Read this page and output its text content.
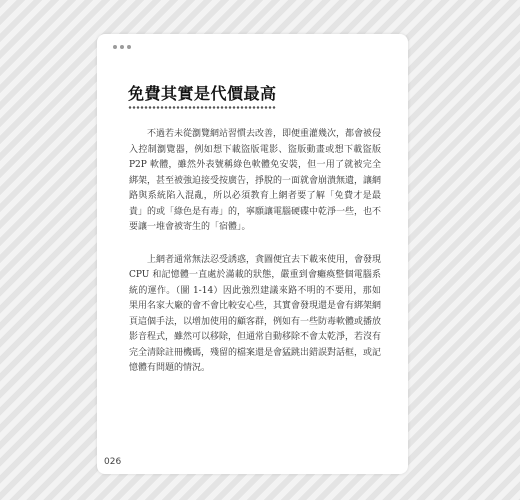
免費其實是代價最高

不過若未從瀏覽網站習慣去改善，即便重灌幾次，都會被侵入控制瀏覽器，例如想下載盜版電影、盜版動畫或想下載盜版 P2P 軟體，雖然外表號稱綠色軟體免安裝，但一用了就被完全綁架，甚至被強迫接受按廣告，掙脫的一面就會崩潰無遺，讓網路與系統陷入混亂，所以必須教育上網者要了解「免費才是最貴」的或「綠色是有毒」的，寧願讓電腦硬碟中乾淨一些，也不要讓一堆會被寄生的「宿體」。

上網者通常無法忍受誘惑，貪圖便宜去下載來使用，會發現 CPU 和記憶體一直處於滿載的狀態，嚴重到會癱瘓整個電腦系統的運作。（圖 1-14）因此強烈建議來路不明的不要用，那如果用名家大廠的會不會比較安心些，其實會發現還是會有綁架網頁這個手法，以增加使用的顧客群，例如有一些防毒軟體或播放影音程式，雖然可以移除，但通常自動移除不會太乾淨，若沒有完全清除註冊機碼，殘留的檔案還是會猛跳出錯誤對話框，或記憶體有問題的情況。

026
